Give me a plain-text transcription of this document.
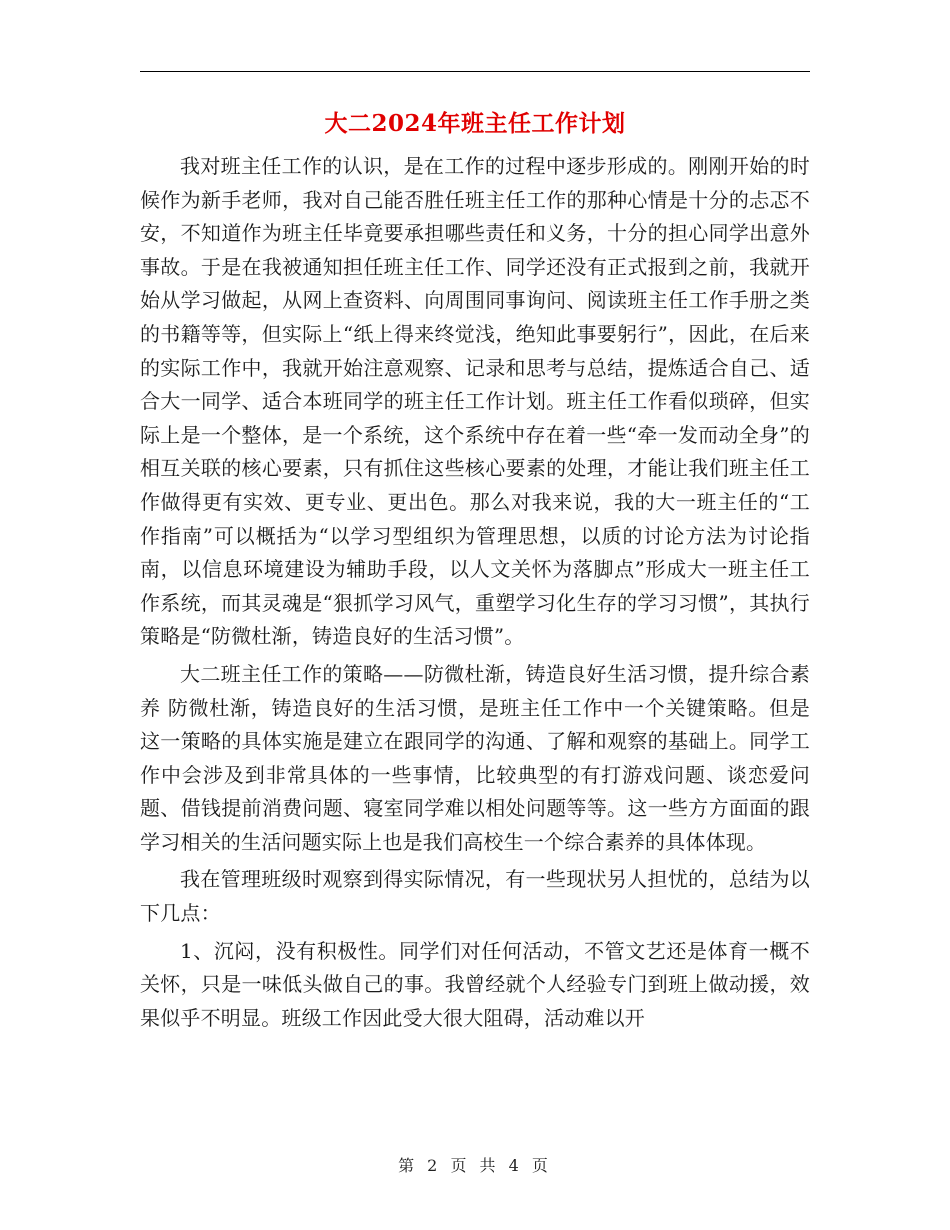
大二2024年班主任工作计划

我对班主任工作的认识，是在工作的过程中逐步形成的。刚刚开始的时候作为新手老师，我对自己能否胜任班主任工作的那种心情是十分的忐忑不安，不知道作为班主任毕竟要承担哪些责任和义务，十分的担心同学出意外事故。于是在我被通知担任班主任工作、同学还没有正式报到之前，我就开始从学习做起，从网上查资料、向周围同事询问、阅读班主任工作手册之类的书籍等等，但实际上“纸上得来终觉浅，绝知此事要躬行”，因此，在后来的实际工作中，我就开始注意观察、记录和思考与总结，提炼适合自己、适合大一同学、适合本班同学的班主任工作计划。班主任工作看似琐碎，但实际上是一个整体，是一个系统，这个系统中存在着一些“牵一发而动全身”的相互关联的核心要素，只有抓住这些核心要素的处理，才能让我们班主任工作做得更有实效、更专业、更出色。那么对我来说，我的大一班主任的“工作指南”可以概括为“以学习型组织为管理思想，以质的讨论方法为讨论指南，以信息环境建设为辅助手段，以人文关怀为落脚点”形成大一班主任工作系统，而其灵魂是“狠抓学习风气，重塑学习化生存的学习习惯”，其执行策略是“防微杜渐，铸造良好的生活习惯”。

大二班主任工作的策略——防微杜渐，铸造良好生活习惯，提升综合素养 防微杜渐，铸造良好的生活习惯，是班主任工作中一个关键策略。但是这一策略的具体实施是建立在跟同学的沟通、了解和观察的基础上。同学工作中会涉及到非常具体的一些事情，比较典型的有打游戏问题、谈恋爱问题、借钱提前消费问题、寝室同学难以相处问题等等。这一些方方面面的跟学习相关的生活问题实际上也是我们高校生一个综合素养的具体体现。

我在管理班级时观察到得实际情况，有一些现状另人担忧的，总结为以下几点：

1、沉闷，没有积极性。同学们对任何活动，不管文艺还是体育一概不关怀，只是一味低头做自己的事。我曾经就个人经验专门到班上做动援，效果似乎不明显。班级工作因此受大很大阻碍，活动难以开

第 2 页 共 4 页
